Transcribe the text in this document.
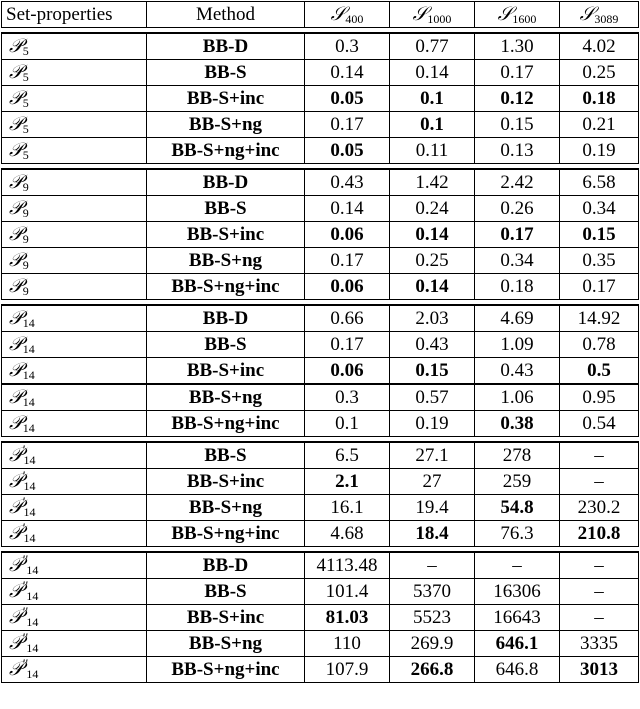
Set-properties	Method	𝒮$_{400}$	𝒮$_{1000}$	𝒮$_{1600}$	𝒮$_{3089}$

𝒫$_5$	BB-D	0.3	0.77	1.30	4.02
𝒫$_5$	BB-S	0.14	0.14	0.17	0.25
𝒫$_5$	BB-S+inc	0.05	0.1	0.12	0.18
𝒫$_5$	BB-S+ng	0.17	0.1	0.15	0.21
𝒫$_5$	BB-S+ng+inc	0.05	0.11	0.13	0.19

𝒫$_9$	BB-D	0.43	1.42	2.42	6.58
𝒫$_9$	BB-S	0.14	0.24	0.26	0.34
𝒫$_9$	BB-S+inc	0.06	0.14	0.17	0.15
𝒫$_9$	BB-S+ng	0.17	0.25	0.34	0.35
𝒫$_9$	BB-S+ng+inc	0.06	0.14	0.18	0.17

𝒫$_{14}$	BB-D	0.66	2.03	4.69	14.92
𝒫$_{14}$	BB-S	0.17	0.43	1.09	0.78
𝒫$_{14}$	BB-S+inc	0.06	0.15	0.43	0.5
𝒫$_{14}$	BB-S+ng	0.3	0.57	1.06	0.95
𝒫$_{14}$	BB-S+ng+inc	0.1	0.19	0.38	0.54

𝒫′$_{14}$	BB-S	6.5	27.1	278	–
𝒫′$_{14}$	BB-S+inc	2.1	27	259	–
𝒫′$_{14}$	BB-S+ng	16.1	19.4	54.8	230.2
𝒫′$_{14}$	BB-S+ng+inc	4.68	18.4	76.3	210.8

𝒫′′$_{14}$	BB-D	4113.48	–	–	–
𝒫′′$_{14}$	BB-S	101.4	5370	16306	–
𝒫′′$_{14}$	BB-S+inc	81.03	5523	16643	–
𝒫′′$_{14}$	BB-S+ng	110	269.9	646.1	3335
𝒫′′$_{14}$	BB-S+ng+inc	107.9	266.8	646.8	3013
